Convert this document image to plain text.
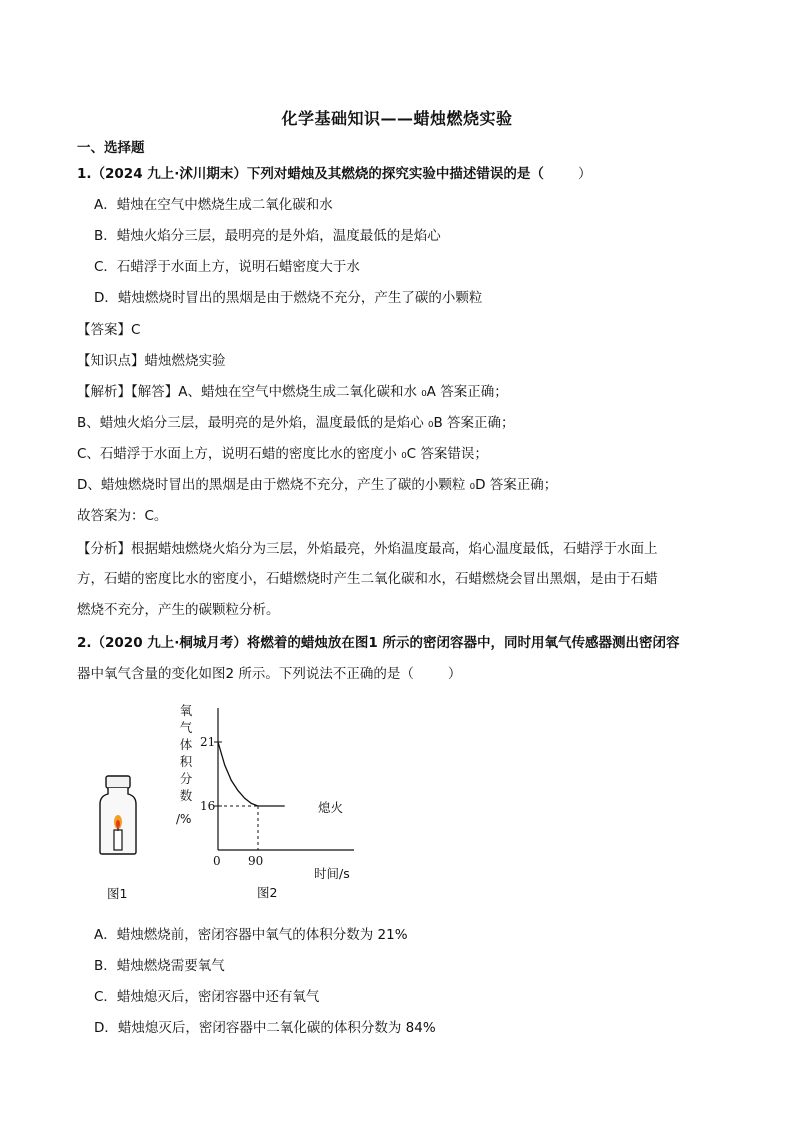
化学基础知识——蜡烛燃烧实验
一、选择题
1.（2024 九上·沭川期末）下列对蜡烛及其燃烧的探究实验中描述错误的是（	）
A．蜡烛在空气中燃烧生成二氧化碳和水
B．蜡烛火焰分三层，最明亮的是外焰，温度最低的是焰心
C．石蜡浮于水面上方，说明石蜡密度大于水
D．蜡烛燃烧时冒出的黑烟是由于燃烧不充分，产生了碳的小颗粒
【答案】C
【知识点】蜡烛燃烧实验
【解析】【解答】A、蜡烛在空气中燃烧生成二氧化碳和水 ₀A 答案正确；
B、蜡烛火焰分三层，最明亮的是外焰，温度最低的是焰心 ₀B 答案正确；
C、石蜡浮于水面上方，说明石蜡的密度比水的密度小 ₀C 答案错误；
D、蜡烛燃烧时冒出的黑烟是由于燃烧不充分，产生了碳的小颗粒 ₀D 答案正确；
故答案为：C。
【分析】根据蜡烛燃烧火焰分为三层，外焰最亮，外焰温度最高，焰心温度最低，石蜡浮于水面上
方，石蜡的密度比水的密度小，石蜡燃烧时产生二氧化碳和水，石蜡燃烧会冒出黑烟，是由于石蜡
燃烧不充分，产生的碳颗粒分析。
2.（2020 九上·桐城月考）将燃着的蜡烛放在图1 所示的密闭容器中，同时用氧气传感器测出密闭容
器中氧气含量的变化如图2 所示。下列说法不正确的是（	）
图1
氧
气
体
积
分
数
/%
21
16
0 90
熄火
时间/s
图2
A．蜡烛燃烧前，密闭容器中氧气的体积分数为 21%
B．蜡烛燃烧需要氧气
C．蜡烛熄灭后，密闭容器中还有氧气
D．蜡烛熄灭后，密闭容器中二氧化碳的体积分数为 84%
